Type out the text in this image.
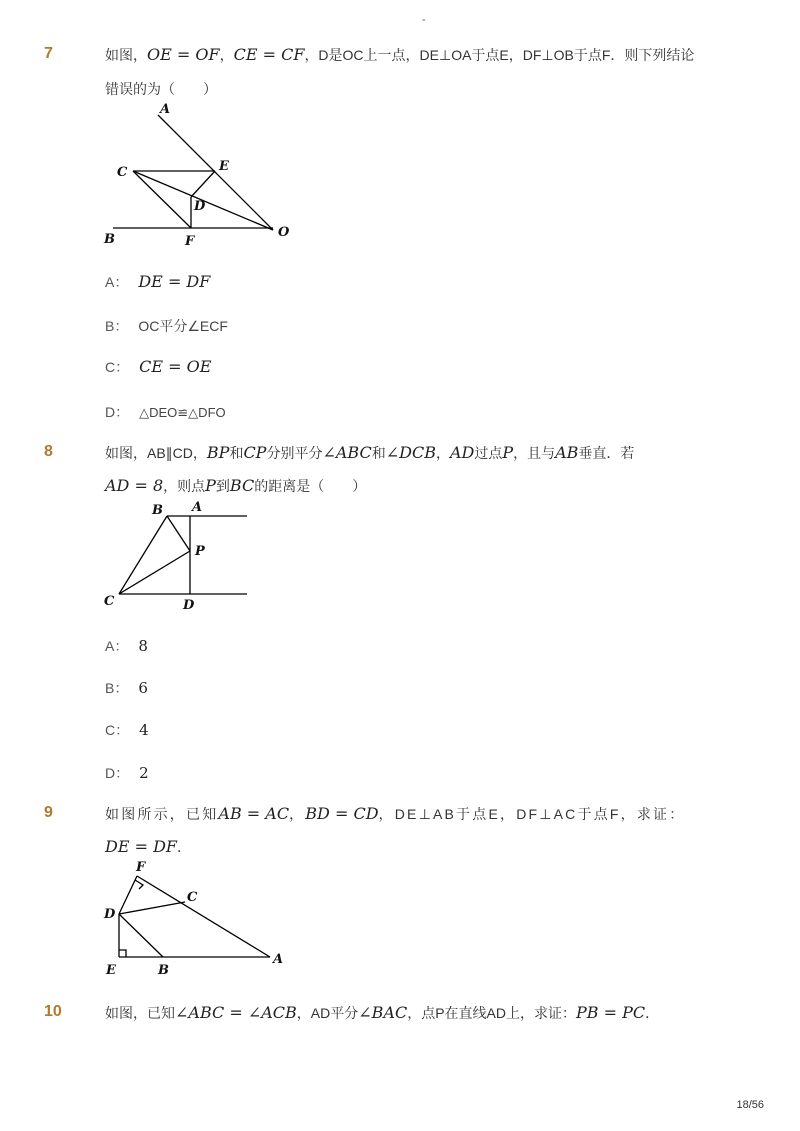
-
7	如图，OE = OF，CE = CF，D是OC上一点，DE⊥OA于点E，DF⊥OB于点F．则下列结论
错误的为（　　）
A
C	E
D
B	F
O
A： DE = DF
B： OC平分∠ECF
C： CE = OE
D： △DEO≌△DFO
8	如图，AB∥CD，BP和CP分别平分∠ABC和∠DCB，AD过点P，且与AB垂直．若
AD = 8，则点P到BC的距离是（　　）
B A
P
C	D
A： 8
B： 6
C： 4
D： 2
9	如图所示，已知AB = AC，BD = CD，DE⊥AB于点E，DF⊥AC于点F，求证：
DE = DF．
F
C
D
E	B
A
10	如图，已知∠ABC = ∠ACB，AD平分∠BAC，点P在直线AD上，求证：PB = PC．
18/56
